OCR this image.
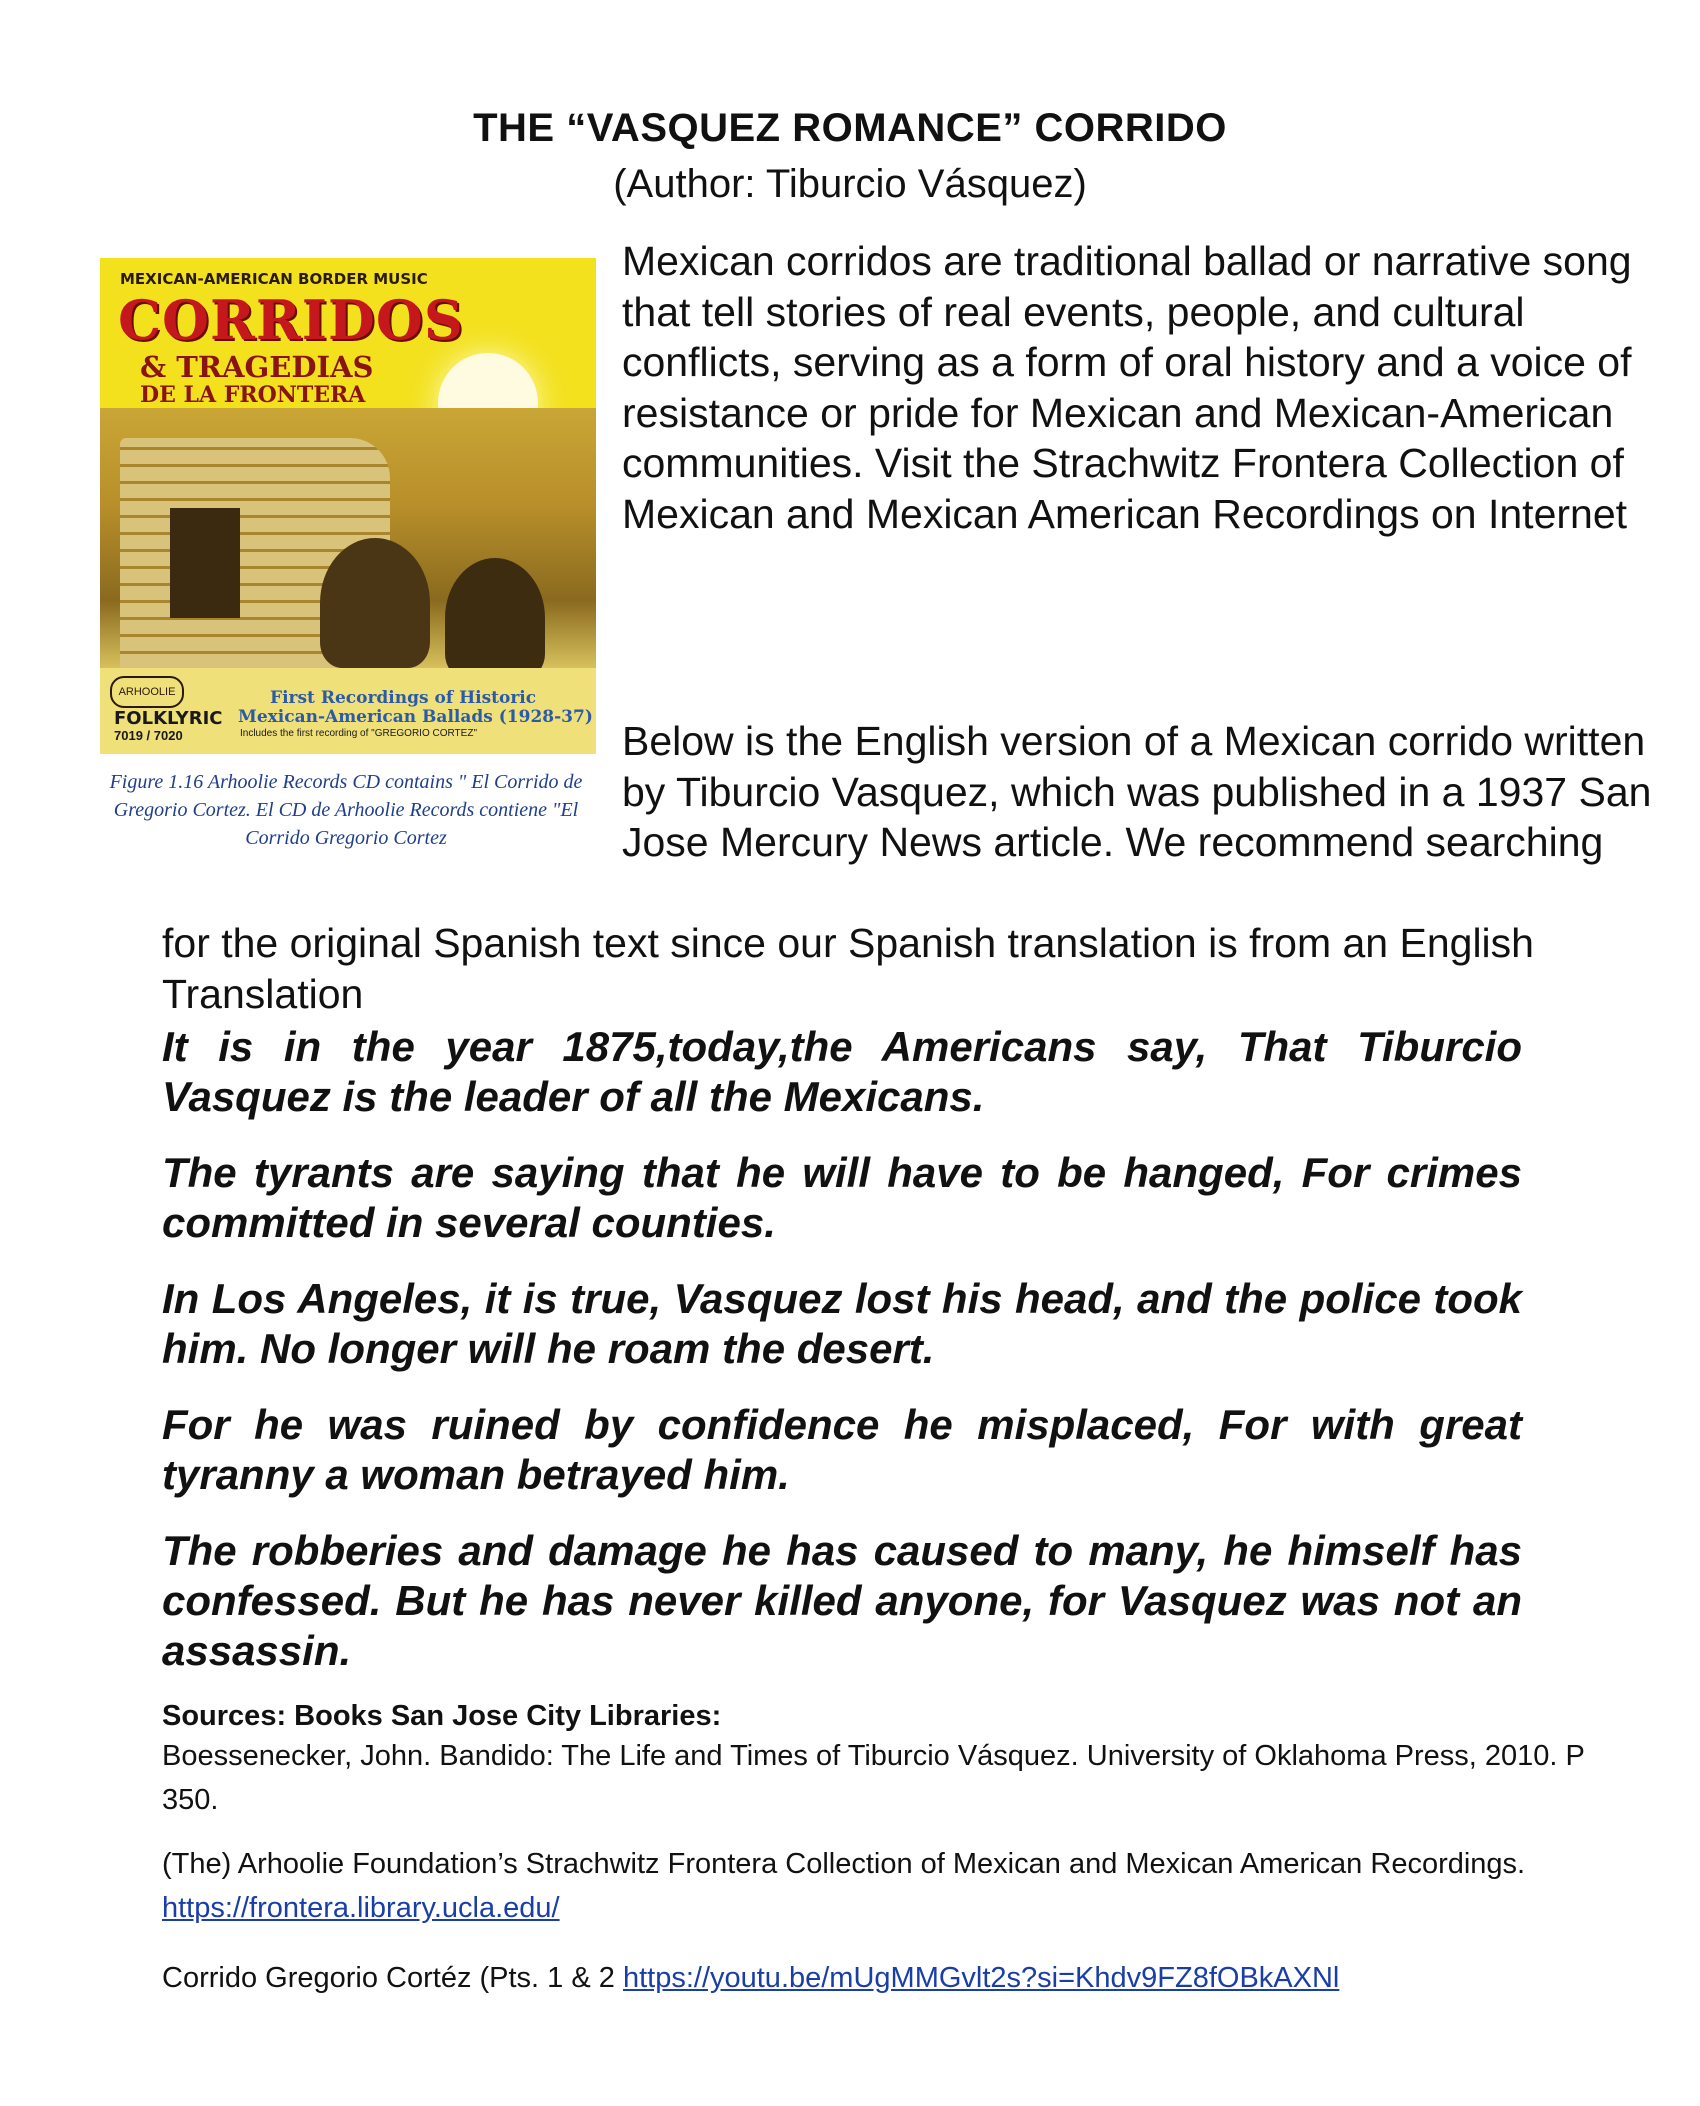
THE “VASQUEZ ROMANCE” CORRIDO
(Author: Tiburcio Vásquez)
MEXICAN-AMERICAN BORDER MUSIC
CORRIDOS
& TRAGEDIAS
DE LA FRONTERA
ARHOOLIE
FOLKLYRIC
7019 / 7020
First Recordings of Historic
Mexican-American Ballads (1928-37)
Includes the first recording of "GREGORIO CORTEZ"
Figure 1.16 Arhoolie Records CD contains " El Corrido de Gregorio Cortez. El CD de Arhoolie Records contiene "El Corrido Gregorio Cortez
Mexican corridos are traditional ballad or narrative song that tell stories of real events, people, and cultural conflicts, serving as a form of oral history and a voice of resistance or pride for Mexican and Mexican-American communities. Visit the Strachwitz Frontera Collection of Mexican and Mexican American Recordings on Internet
Below is the English version of a Mexican corrido written by Tiburcio Vasquez, which was published in a 1937 San Jose Mercury News article. We recommend searching
for the original Spanish text since our Spanish translation is from an English Translation
It is in the year 1875,today,the Americans say, That Tiburcio Vasquez is the leader of all the Mexicans.
The tyrants are saying that he will have to be hanged, For crimes committed in several counties.
In Los Angeles, it is true, Vasquez lost his head, and the police took him. No longer will he roam the desert.
For he was ruined by confidence he misplaced, For with great tyranny a woman betrayed him.
The robberies and damage he has caused to many, he himself has confessed. But he has never killed anyone, for Vasquez was not an assassin.
Sources: Books San Jose City Libraries:
Boessenecker, John. Bandido: The Life and Times of Tiburcio Vásquez. University of Oklahoma Press, 2010. P 350.
(The) Arhoolie Foundation’s Strachwitz Frontera Collection of Mexican and Mexican American Recordings. https://frontera.library.ucla.edu/
Corrido Gregorio Cortéz (Pts. 1 & 2 https://youtu.be/mUgMMGvlt2s?si=Khdv9FZ8fOBkAXNl
